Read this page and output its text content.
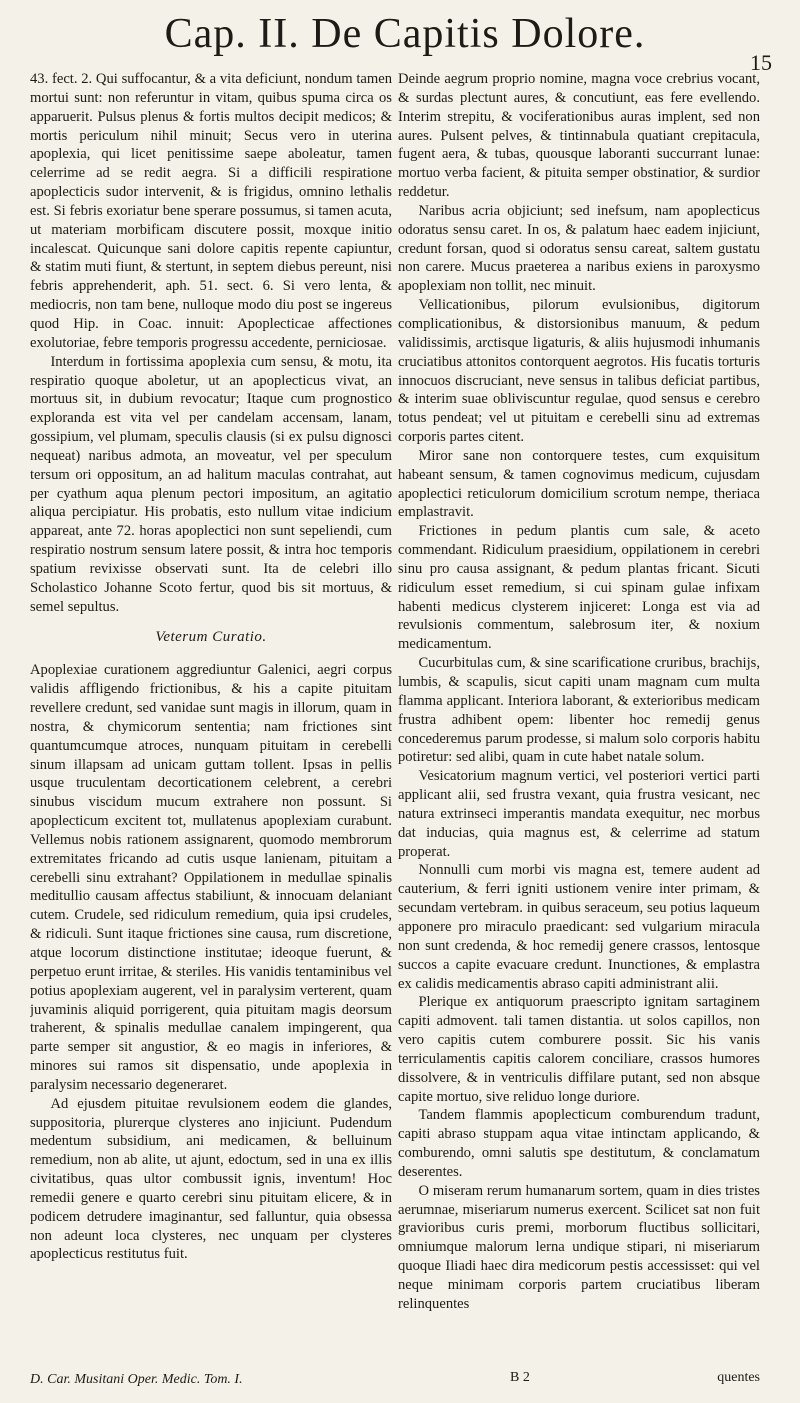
Cap. II. De Capitis Dolore.
15

43. fect. 2. Qui suffocantur, & a vita deficiunt, nondum tamen mortui sunt: non referuntur in vitam, quibus spuma circa os apparuerit. Pulsus plenus & fortis multos decipit medicos; & mortis periculum nihil minuit; Secus vero in uterina apoplexia, qui licet penitissime saepe aboleatur, tamen celerrime ad se redit aegra. Si a difficili respiratione apoplecticis sudor intervenit, & is frigidus, omnino lethalis est. Si febris exoriatur bene sperare possumus, si tamen acuta, ut materiam morbificam discutere possit, moxque initio incalescat. Quicunque sani dolore capitis repente capiuntur, & statim muti fiunt, & stertunt, in septem diebus pereunt, nisi febris apprehenderit, aph. 51. sect. 6. Si vero lenta, & mediocris, non tam bene, nulloque modo diu post se ingereus quod Hip. in Coac. innuit: Apoplecticae affectiones exolutoriae, febre temporis progressu accedente, perniciosae.

Interdum in fortissima apoplexia cum sensu, & motu, ita respiratio quoque aboletur, ut an apoplecticus vivat, an mortuus sit, in dubium revocatur; Itaque cum prognostico exploranda est vita vel per candelam accensam, lanam, gossipium, vel plumam, speculis clausis (si ex pulsu dignosci nequeat) naribus admota, an moveatur, vel per speculum tersum ori oppositum, an ad halitum maculas contrahat, aut per cyathum aqua plenum pectori impositum, an agitatio aliqua percipiatur. His probatis, esto nullum vitae indicium appareat, ante 72. horas apoplectici non sunt sepeliendi, cum respiratio nostrum sensum latere possit, & intra hoc temporis spatium revixisse observati sunt. Ita de celebri illo Scholastico Johanne Scoto fertur, quod bis sit mortuus, & semel sepultus.

Veterum Curatio.

Apoplexiae curationem aggrediuntur Galenici, aegri corpus validis affligendo frictionibus, & his a capite pituitam revellere credunt, sed vanidae sunt magis in illorum, quam in nostra, & chymicorum sententia; nam frictiones sint quantumcumque atroces, nunquam pituitam in cerebelli sinum illapsam ad unicam guttam tollent. Ipsas in pellis usque truculentam decorticationem celebrent, a cerebri sinubus viscidum mucum extrahere non possunt. Si apoplecticum excitent tot, mullatenus apoplexiam curabunt. Vellemus nobis rationem assignarent, quomodo membrorum extremitates fricando ad cutis usque lanienam, pituitam a cerebelli sinu extrahant? Oppilationem in medullae spinalis meditullio causam affectus stabiliunt, & innocuam delaniant cutem. Crudele, sed ridiculum remedium, quia ipsi crudeles, & ridiculi. Sunt itaque frictiones sine causa, rum discretione, atque locorum distinctione institutae; ideoque fuerunt, & perpetuo erunt irritae, & steriles. His vanidis tentaminibus vel potius apoplexiam augerent, vel in paralysim verterent, quam juvaminis aliquid porrigerent, quia pituitam magis deorsum traherent, & spinalis medullae canalem impingerent, qua parte semper sit angustior, & eo magis in inferiores, & minores sui ramos sit dispensatio, unde apoplexia in paralysim necessario degeneraret.

Ad ejusdem pituitae revulsionem eodem die glandes, suppositoria, plurerque clysteres ano injiciunt. Pudendum medentum subsidium, ani medicamen, & belluinum remedium, non ab alite, ut ajunt, edoctum, sed in una ex illis civitatibus, quas ultor combussit ignis, inventum! Hoc remedii genere e quarto cerebri sinu pituitam elicere, & in podicem detrudere imaginantur, sed falluntur, quia obsessa non adeunt loca clysteres, nec unquam per clysteres apoplecticus restitutus fuit.

Deinde aegrum proprio nomine, magna voce crebrius vocant, & surdas plectunt aures, & concutiunt, eas fere evellendo. Interim strepitu, & vociferationibus auras implent, sed non aures. Pulsent pelves, & tintinnabula quatiant crepitacula, fugent aera, & tubas, quousque laboranti succurrant lunae: mortuo verba facient, & pituita semper obstinatior, & surdior reddetur.

Naribus acria objiciunt; sed inefsum, nam apoplecticus odoratus sensu caret. In os, & palatum haec eadem injiciunt, credunt forsan, quod si odoratus sensu careat, saltem gustatu non carere. Mucus praeterea a naribus exiens in paroxysmo apoplexiam non tollit, nec minuit.

Vellicationibus, pilorum evulsionibus, digitorum complicationibus, & distorsionibus manuum, & pedum validissimis, arctisque ligaturis, & aliis hujusmodi inhumanis cruciatibus attonitos contorquent aegrotos. His fucatis torturis innocuos discruciant, neve sensus in talibus deficiat partibus, & interim suae obliviscuntur regulae, quod sensus e cerebro totus pendeat; vel ut pituitam e cerebelli sinu ad extremas corporis partes citent.

Miror sane non contorquere testes, cum exquisitum habeant sensum, & tamen cognovimus medicum, cujusdam apoplectici reticulorum domicilium scrotum nempe, theriaca emplastravit.

Frictiones in pedum plantis cum sale, & aceto commendant. Ridiculum praesidium, oppilationem in cerebri sinu pro causa assignant, & pedum plantas fricant. Sicuti ridiculum esset remedium, si cui spinam gulae infixam habenti medicus clysterem injiceret: Longa est via ad revulsionis commentum, salebrosum iter, & noxium medicamentum.

Cucurbitulas cum, & sine scarificatione cruribus, brachijs, lumbis, & scapulis, sicut capiti unam magnam cum multa flamma applicant. Interiora laborant, & exterioribus medicam frustra adhibent opem: libenter hoc remedij genus concederemus parum prodesse, si malum solo corporis habitu potiretur: sed alibi, quam in cute habet natale solum.

Vesicatorium magnum vertici, vel posteriori vertici parti applicant alii, sed frustra vexant, quia frustra vesicant, nec natura extrinseci imperantis mandata exequitur, nec morbus dat inducias, quia magnus est, & celerrime ad statum properat.

Nonnulli cum morbi vis magna est, temere audent ad cauterium, & ferri igniti ustionem venire inter primam, & secundam vertebram. in quibus seraceum, seu potius laqueum apponere pro miraculo praedicant: sed vulgarium miracula non sunt credenda, & hoc remedij genere crassos, lentosque succos a capite evacuare credunt. Inunctiones, & emplastra ex calidis medicamentis abraso capiti administrant alii.

Plerique ex antiquorum praescripto ignitam sartaginem capiti admovent. tali tamen distantia. ut solos capillos, non vero capitis cutem comburere possit. Sic his vanis terriculamentis capitis calorem conciliare, crassos humores dissolvere, & in ventriculis diffilare putant, sed non absque capite mortuo, sive reliduo longe duriore.

Tandem flammis apoplecticum comburendum tradunt, capiti abraso stuppam aqua vitae intinctam applicando, & comburendo, omni salutis spe destitutum, & conclamatum deserentes.

O miseram rerum humanarum sortem, quam in dies tristes aerumnae, miseriarum numerus exercent. Scilicet sat non fuit gravioribus curis premi, morborum fluctibus sollicitari, omniumque malorum lerna undique stipari, ni miseriarum quoque Iliadi haec dira medicorum pestis accessisset: qui vel neque minimam corporis partem cruciatibus liberam relinquentes

D. Car. Musitani Oper. Medic. Tom. I.	B 2	quentes
